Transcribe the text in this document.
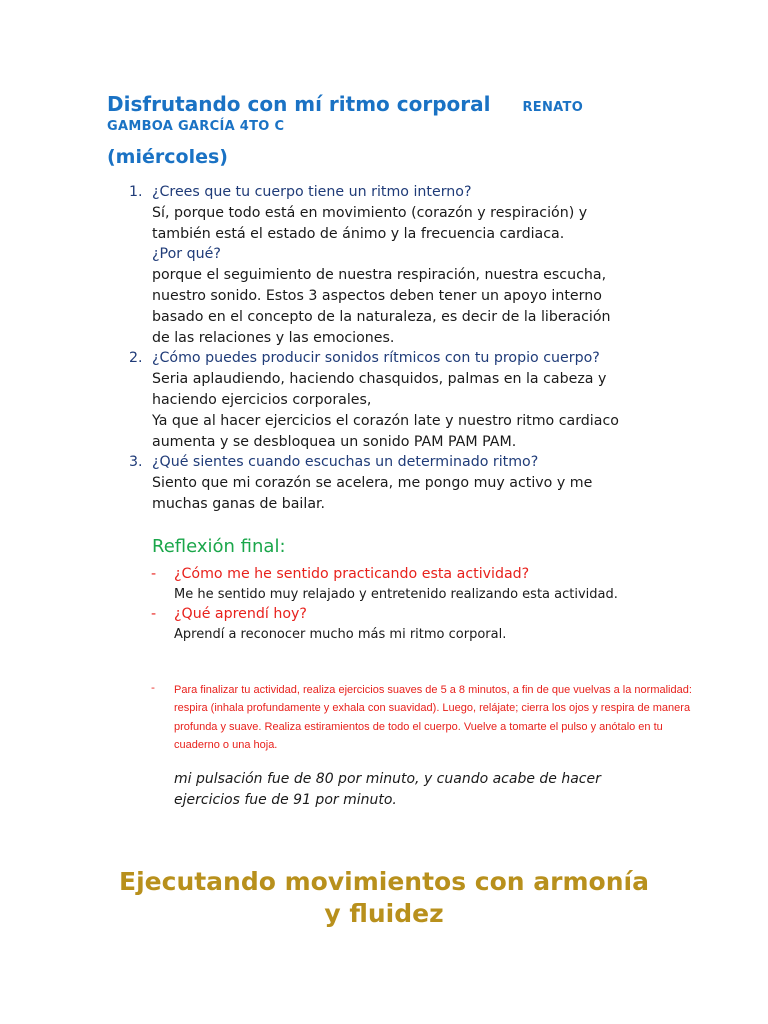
Disfrutando con mí ritmo corporal RENATO
GAMBOA GARCÍA 4TO C
(miércoles)
1. ¿Crees que tu cuerpo tiene un ritmo interno?
Sí, porque todo está en movimiento (corazón y respiración) y
también está el estado de ánimo y la frecuencia cardiaca.
¿Por qué?
porque el seguimiento de nuestra respiración, nuestra escucha,
nuestro sonido. Estos 3 aspectos deben tener un apoyo interno
basado en el concepto de la naturaleza, es decir de la liberación
de las relaciones y las emociones.
2. ¿Cómo puedes producir sonidos rítmicos con tu propio cuerpo?
Seria aplaudiendo, haciendo chasquidos, palmas en la cabeza y
haciendo ejercicios corporales,
Ya que al hacer ejercicios el corazón late y nuestro ritmo cardiaco
aumenta y se desbloquea un sonido PAM PAM PAM.
3. ¿Qué sientes cuando escuchas un determinado ritmo?
Siento que mi corazón se acelera, me pongo muy activo y me
muchas ganas de bailar.
Reflexión final:
- ¿Cómo me he sentido practicando esta actividad?
Me he sentido muy relajado y entretenido realizando esta actividad.
- ¿Qué aprendí hoy?
Aprendí a reconocer mucho más mi ritmo corporal.
-	Para finalizar tu actividad, realiza ejercicios suaves de 5 a 8 minutos, a fin de que vuelvas a la normalidad:
respira (inhala profundamente y exhala con suavidad). Luego, relájate; cierra los ojos y respira de manera
profunda y suave. Realiza estiramientos de todo el cuerpo. Vuelve a tomarte el pulso y anótalo en tu
cuaderno o una hoja.
mi pulsación fue de 80 por minuto, y cuando acabe de hacer
ejercicios fue de 91 por minuto.
Ejecutando movimientos con armonía
y fluidez
